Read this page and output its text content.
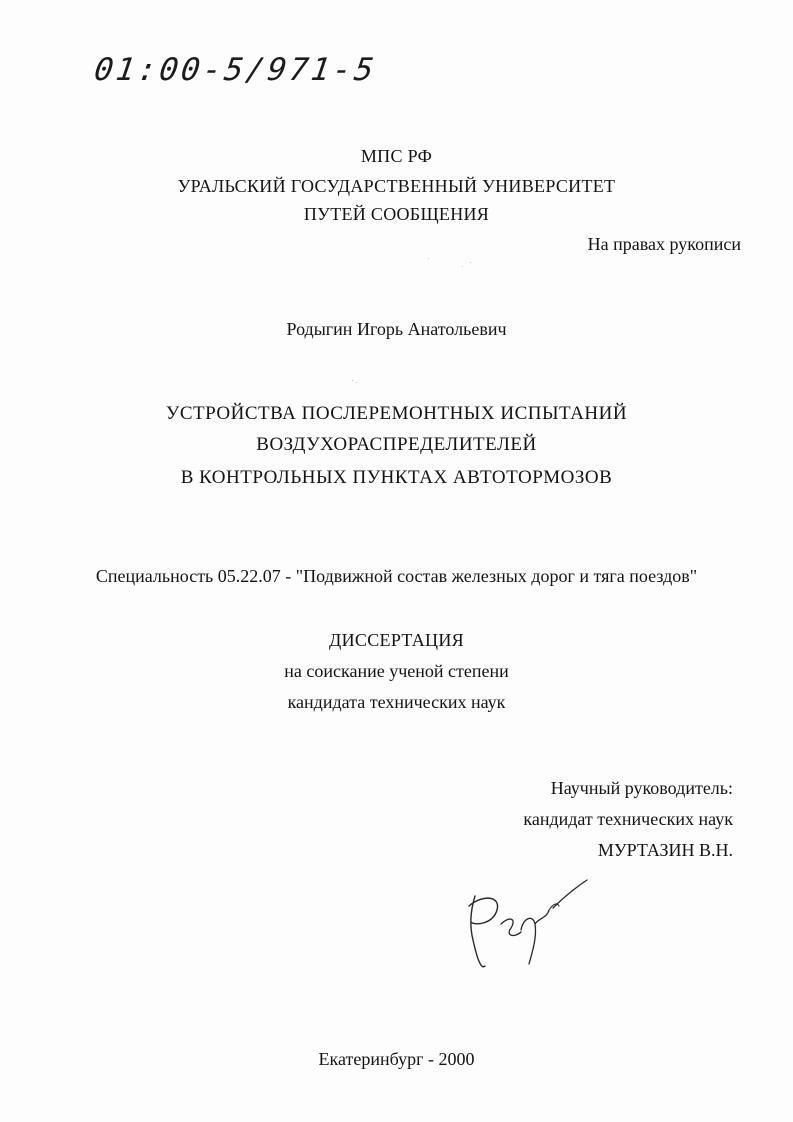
01:00-5/971-5
МПС РФ
УРАЛЬСКИЙ ГОСУДАРСТВЕННЫЙ УНИВЕРСИТЕТ
ПУТЕЙ СООБЩЕНИЯ
На правах рукописи
Родыгин Игорь Анатольевич
УСТРОЙСТВА ПОСЛЕРЕМОНТНЫХ ИСПЫТАНИЙ
ВОЗДУХОРАСПРЕДЕЛИТЕЛЕЙ
В КОНТРОЛЬНЫХ ПУНКТАХ АВТОТОРМОЗОВ
Специальность 05.22.07 - "Подвижной состав железных дорог и тяга поездов"
ДИССЕРТАЦИЯ
на соискание ученой степени
кандидата технических наук
Научный руководитель:
кандидат технических наук
МУРТАЗИН В.Н.
Екатеринбург - 2000
